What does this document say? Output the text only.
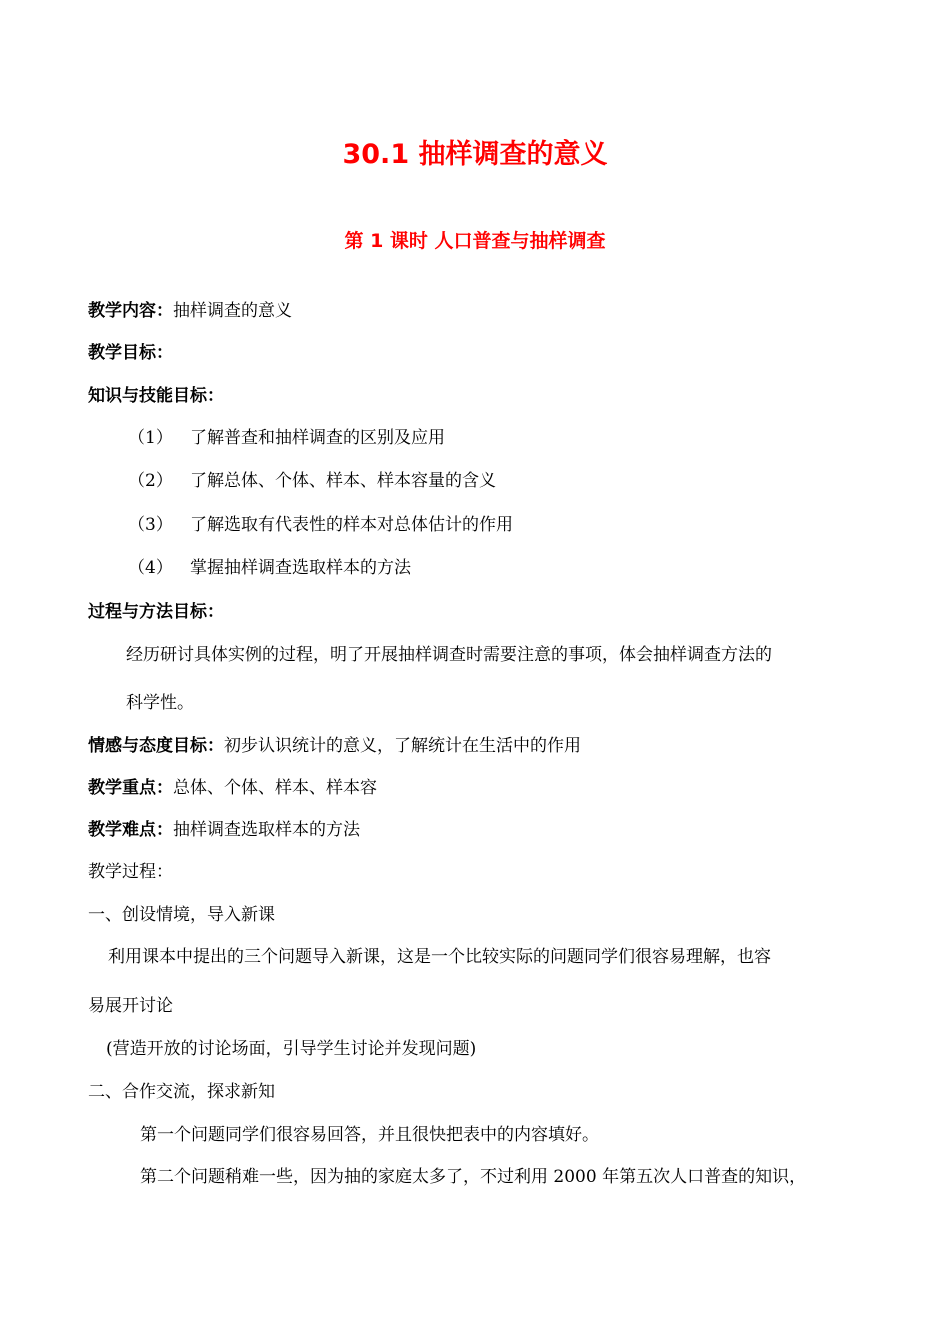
30.1 抽样调查的意义
第 1 课时 人口普查与抽样调查
教学内容：抽样调查的意义
教学目标：
知识与技能目标：
（1） 了解普查和抽样调查的区别及应用
（2） 了解总体、个体、样本、样本容量的含义
（3） 了解选取有代表性的样本对总体估计的作用
（4） 掌握抽样调查选取样本的方法
过程与方法目标：
经历研讨具体实例的过程，明了开展抽样调查时需要注意的事项，体会抽样调查方法的
科学性。
情感与态度目标：初步认识统计的意义，了解统计在生活中的作用
教学重点：总体、个体、样本、样本容
教学难点：抽样调查选取样本的方法
教学过程：
一、创设情境，导入新课
利用课本中提出的三个问题导入新课，这是一个比较实际的问题同学们很容易理解，也容
易展开讨论
(营造开放的讨论场面，引导学生讨论并发现问题)
二、合作交流，探求新知
第一个问题同学们很容易回答，并且很快把表中的内容填好。
第二个问题稍难一些，因为抽的家庭太多了，不过利用 2000 年第五次人口普查的知识，
